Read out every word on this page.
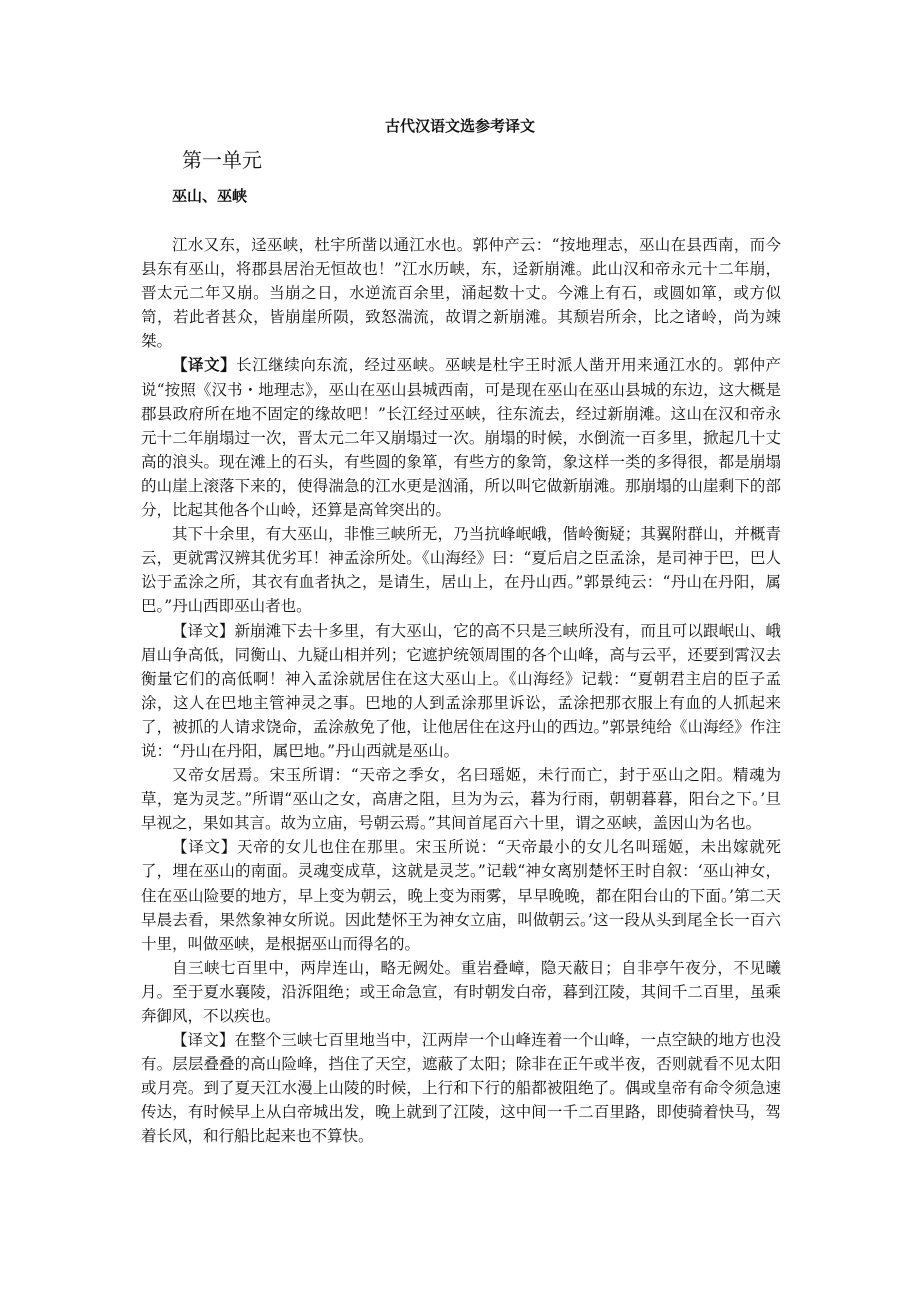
古代汉语文选参考译文
第一单元
巫山、巫峡

江水又东，迳巫峡，杜宇所凿以通江水也。郭仲产云：“按地理志，巫山在县西南，而今县东有巫山，将郡县居治无恒故也！”江水历峡，东，迳新崩滩。此山汉和帝永元十二年崩，晋太元二年又崩。当崩之日，水逆流百余里，涌起数十丈。今滩上有石，或圆如箪，或方似笥，若此者甚众，皆崩崖所陨，致怒湍流，故谓之新崩滩。其颓岩所余，比之诸岭，尚为竦桀。

【译文】长江继续向东流，经过巫峡。巫峡是杜宇王时派人凿开用来通江水的。郭仲产说“按照《汉书・地理志》，巫山在巫山县城西南，可是现在巫山在巫山县城的东边，这大概是郡县政府所在地不固定的缘故吧！”长江经过巫峡，往东流去，经过新崩滩。这山在汉和帝永元十二年崩塌过一次，晋太元二年又崩塌过一次。崩塌的时候，水倒流一百多里，掀起几十丈高的浪头。现在滩上的石头，有些圆的象箪，有些方的象笥，象这样一类的多得很，都是崩塌的山崖上滚落下来的，使得湍急的江水更是汹涌，所以叫它做新崩滩。那崩塌的山崖剩下的部分，比起其他各个山岭，还算是高耸突出的。

其下十余里，有大巫山，非惟三峡所无，乃当抗峰岷峨，偕岭衡疑；其翼附群山，并概青云，更就霄汉辨其优劣耳！神孟涂所处。《山海经》曰：“夏后启之臣孟涂，是司神于巴，巴人讼于孟涂之所，其衣有血者执之，是请生，居山上，在丹山西。”郭景纯云：“丹山在丹阳，属巴。”丹山西即巫山者也。

【译文】新崩滩下去十多里，有大巫山，它的高不只是三峡所没有，而且可以跟岷山、峨眉山争高低，同衡山、九疑山相并列；它遮护统领周围的各个山峰，高与云平，还要到霄汉去衡量它们的高低啊！神入孟涂就居住在这大巫山上。《山海经》记载：“夏朝君主启的臣子孟涂，这人在巴地主管神灵之事。巴地的人到孟涂那里诉讼，孟涂把那衣服上有血的人抓起来了，被抓的人请求饶命，孟涂赦免了他，让他居住在这丹山的西边。”郭景纯给《山海经》作注说：“丹山在丹阳，属巴地。”丹山西就是巫山。

又帝女居焉。宋玉所谓：“天帝之季女，名曰瑶姬，未行而亡，封于巫山之阳。精魂为草，寔为灵芝。”所谓“巫山之女，高唐之阻，旦为为云，暮为行雨，朝朝暮暮，阳台之下。’旦早视之，果如其言。故为立庙，号朝云焉。”其间首尾百六十里，谓之巫峡，盖因山为名也。

【译文】天帝的女儿也住在那里。宋玉所说：“天帝最小的女儿名叫瑶姬，未出嫁就死了，埋在巫山的南面。灵魂变成草，这就是灵芝。”记载“神女离别楚怀王时自叙：‘巫山神女，住在巫山险要的地方，早上变为朝云，晚上变为雨雾，早早晚晚，都在阳台山的下面。’第二天早晨去看，果然象神女所说。因此楚怀王为神女立庙，叫做朝云。’这一段从头到尾全长一百六十里，叫做巫峡，是根据巫山而得名的。

自三峡七百里中，两岸连山，略无阙处。重岩叠嶂，隐天蔽日；自非亭午夜分，不见曦月。至于夏水襄陵，沿泝阻绝；或王命急宣，有时朝发白帝，暮到江陵，其间千二百里，虽乘奔御风，不以疾也。

【译文】在整个三峡七百里地当中，江两岸一个山峰连着一个山峰，一点空缺的地方也没有。层层叠叠的高山险峰，挡住了天空，遮蔽了太阳；除非在正午或半夜，否则就看不见太阳或月亮。到了夏天江水漫上山陵的时候，上行和下行的船都被阻绝了。偶或皇帝有命令须急速传达，有时候早上从白帝城出发，晚上就到了江陵，这中间一千二百里路，即使骑着快马，驾着长风，和行船比起来也不算快。
